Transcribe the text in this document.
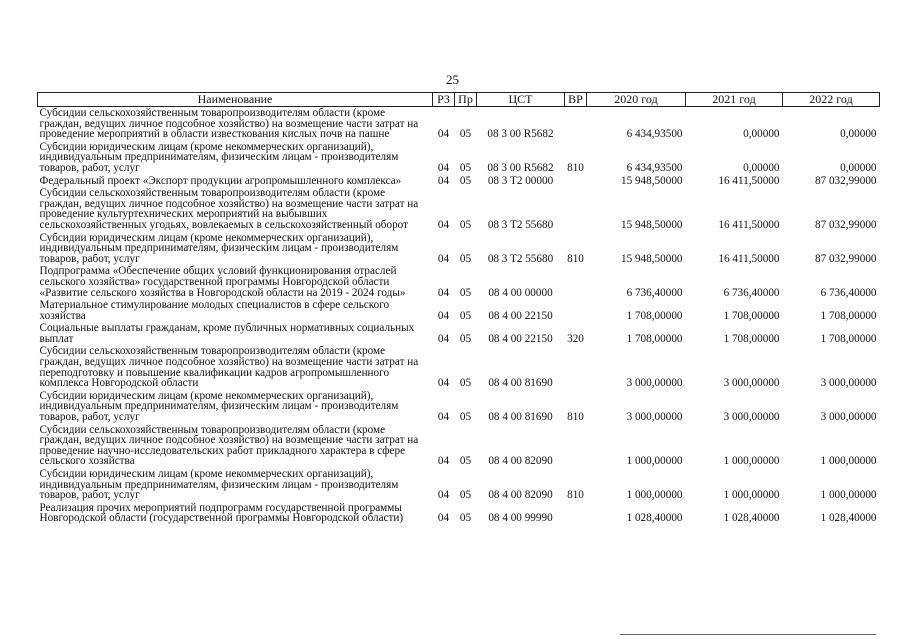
25
Наименование	РЗ	Пр	ЦСТ	ВР	2020 год	2021 год	2022 год
Субсидии сельскохозяйственным товаропроизводителям области (кроме граждан, ведущих личное подсобное хозяйство) на возмещение части затрат на проведение мероприятий в области известкования кислых почв на пашне	04	05	08 3 00 R5682		6 434,93500	0,00000	0,00000
Субсидии юридическим лицам (кроме некоммерческих организаций), индивидуальным предпринимателям, физическим лицам - производителям товаров, работ, услуг	04	05	08 3 00 R5682	810	6 434,93500	0,00000	0,00000
Федеральный проект «Экспорт продукции агропромышленного комплекса»	04	05	08 3 T2 00000		15 948,50000	16 411,50000	87 032,99000
Субсидии сельскохозяйственным товаропроизводителям области (кроме граждан, ведущих личное подсобное хозяйство) на возмещение части затрат на проведение культуртехнических мероприятий на выбывших сельскохозяйственных угодьях, вовлекаемых в сельскохозяйственный оборот	04	05	08 3 T2 55680		15 948,50000	16 411,50000	87 032,99000
Субсидии юридическим лицам (кроме некоммерческих организаций), индивидуальным предпринимателям, физическим лицам - производителям товаров, работ, услуг	04	05	08 3 T2 55680	810	15 948,50000	16 411,50000	87 032,99000
Подпрограмма «Обеспечение общих условий функционирования отраслей сельского хозяйства» государственной программы Новгородской области «Развитие сельского хозяйства в Новгородской области на 2019 - 2024 годы»	04	05	08 4 00 00000		6 736,40000	6 736,40000	6 736,40000
Материальное стимулирование молодых специалистов в сфере сельского хозяйства	04	05	08 4 00 22150		1 708,00000	1 708,00000	1 708,00000
Социальные выплаты гражданам, кроме публичных нормативных социальных выплат	04	05	08 4 00 22150	320	1 708,00000	1 708,00000	1 708,00000
Субсидии сельскохозяйственным товаропроизводителям области (кроме граждан, ведущих личное подсобное хозяйство) на возмещение части затрат на переподготовку и повышение квалификации кадров агропромышленного комплекса Новгородской области	04	05	08 4 00 81690		3 000,00000	3 000,00000	3 000,00000
Субсидии юридическим лицам (кроме некоммерческих организаций), индивидуальным предпринимателям, физическим лицам - производителям товаров, работ, услуг	04	05	08 4 00 81690	810	3 000,00000	3 000,00000	3 000,00000
Субсидии сельскохозяйственным товаропроизводителям области (кроме граждан, ведущих личное подсобное хозяйство) на возмещение части затрат на проведение научно-исследовательских работ прикладного характера в сфере сельского хозяйства	04	05	08 4 00 82090		1 000,00000	1 000,00000	1 000,00000
Субсидии юридическим лицам (кроме некоммерческих организаций), индивидуальным предпринимателям, физическим лицам - производителям товаров, работ, услуг	04	05	08 4 00 82090	810	1 000,00000	1 000,00000	1 000,00000
Реализация прочих мероприятий подпрограмм государственной программы Новгородской области (государственной программы Новгородской области)	04	05	08 4 00 99990		1 028,40000	1 028,40000	1 028,40000
